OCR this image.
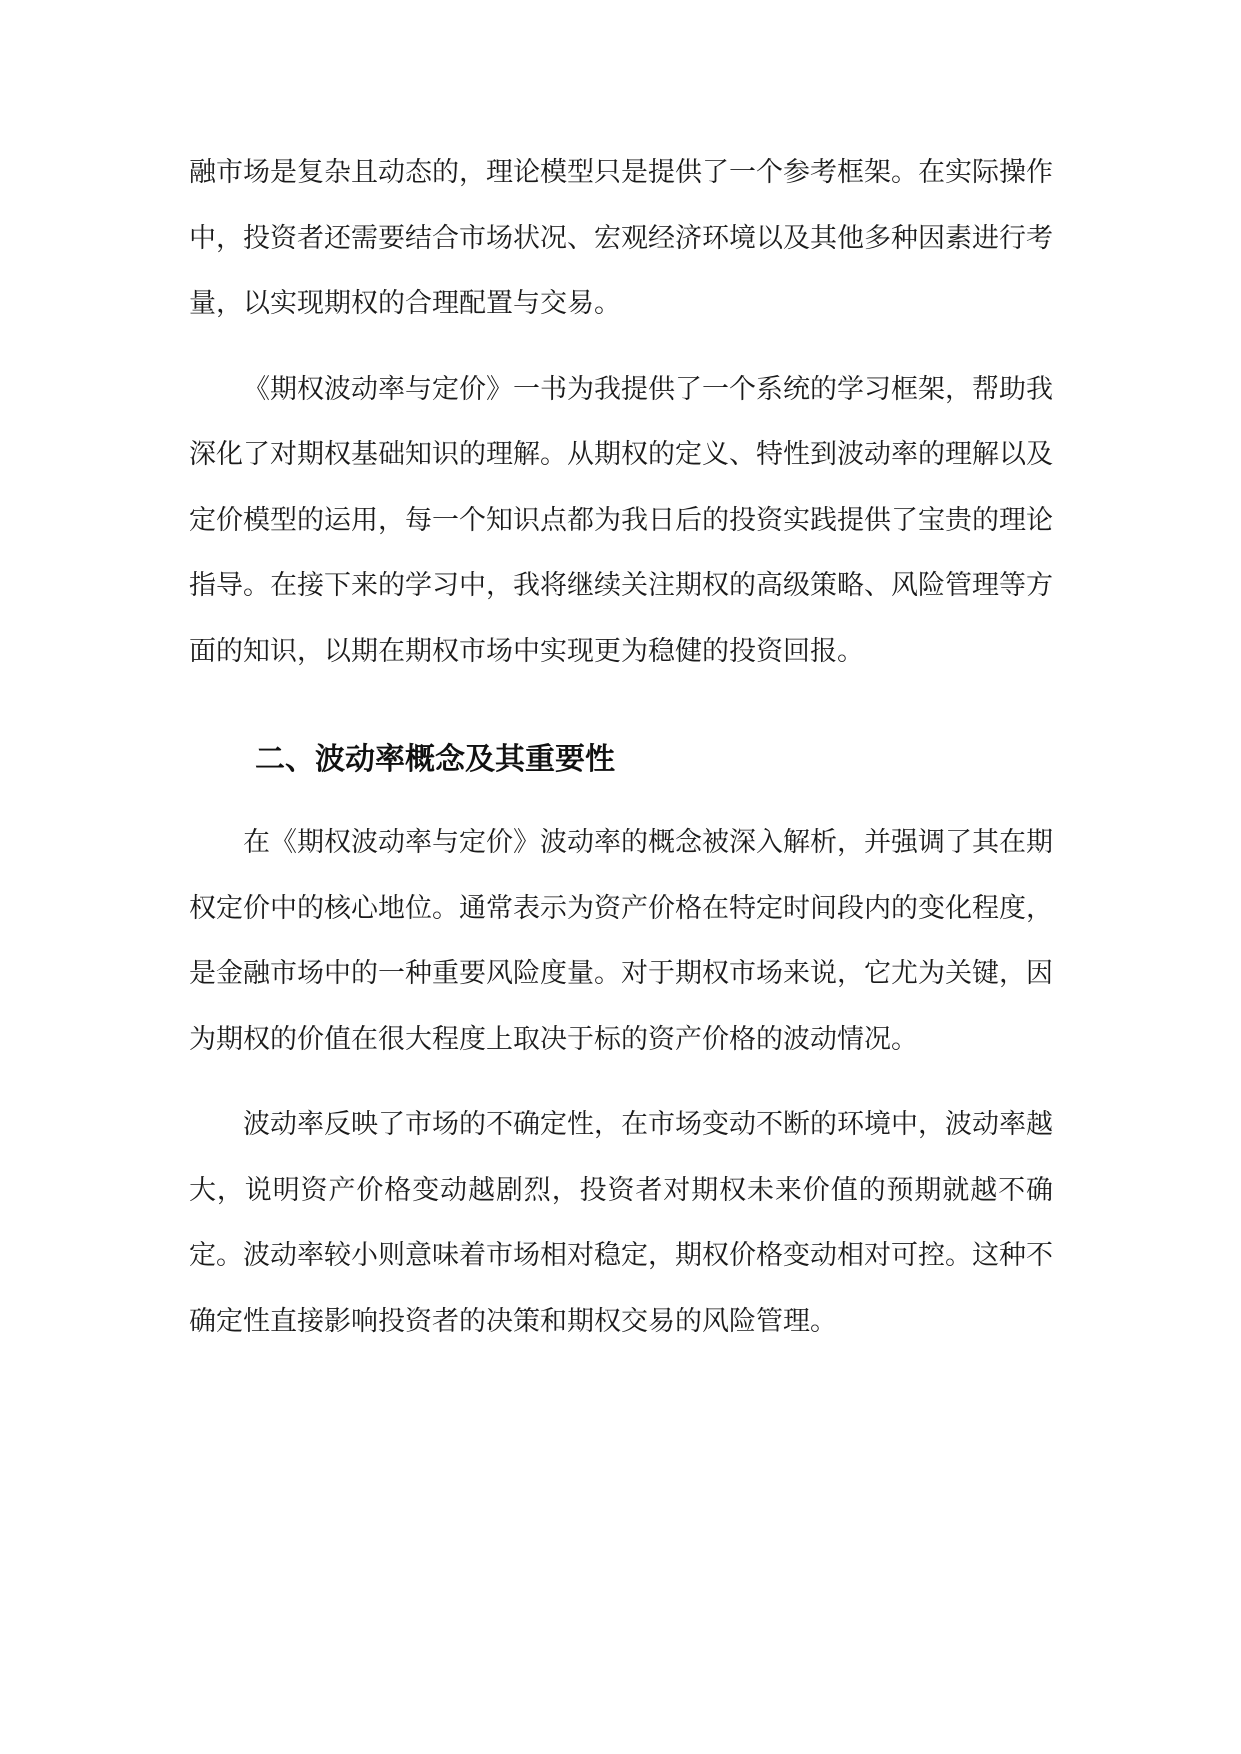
融市场是复杂且动态的，理论模型只是提供了一个参考框架。在实际操作中，投资者还需要结合市场状况、宏观经济环境以及其他多种因素进行考量，以实现期权的合理配置与交易。

《期权波动率与定价》一书为我提供了一个系统的学习框架，帮助我深化了对期权基础知识的理解。从期权的定义、特性到波动率的理解以及定价模型的运用，每一个知识点都为我日后的投资实践提供了宝贵的理论指导。在接下来的学习中，我将继续关注期权的高级策略、风险管理等方面的知识，以期在期权市场中实现更为稳健的投资回报。

二、波动率概念及其重要性

在《期权波动率与定价》波动率的概念被深入解析，并强调了其在期权定价中的核心地位。通常表示为资产价格在特定时间段内的变化程度，是金融市场中的一种重要风险度量。对于期权市场来说，它尤为关键，因为期权的价值在很大程度上取决于标的资产价格的波动情况。

波动率反映了市场的不确定性，在市场变动不断的环境中，波动率越大，说明资产价格变动越剧烈，投资者对期权未来价值的预期就越不确定。波动率较小则意味着市场相对稳定，期权价格变动相对可控。这种不确定性直接影响投资者的决策和期权交易的风险管理。
